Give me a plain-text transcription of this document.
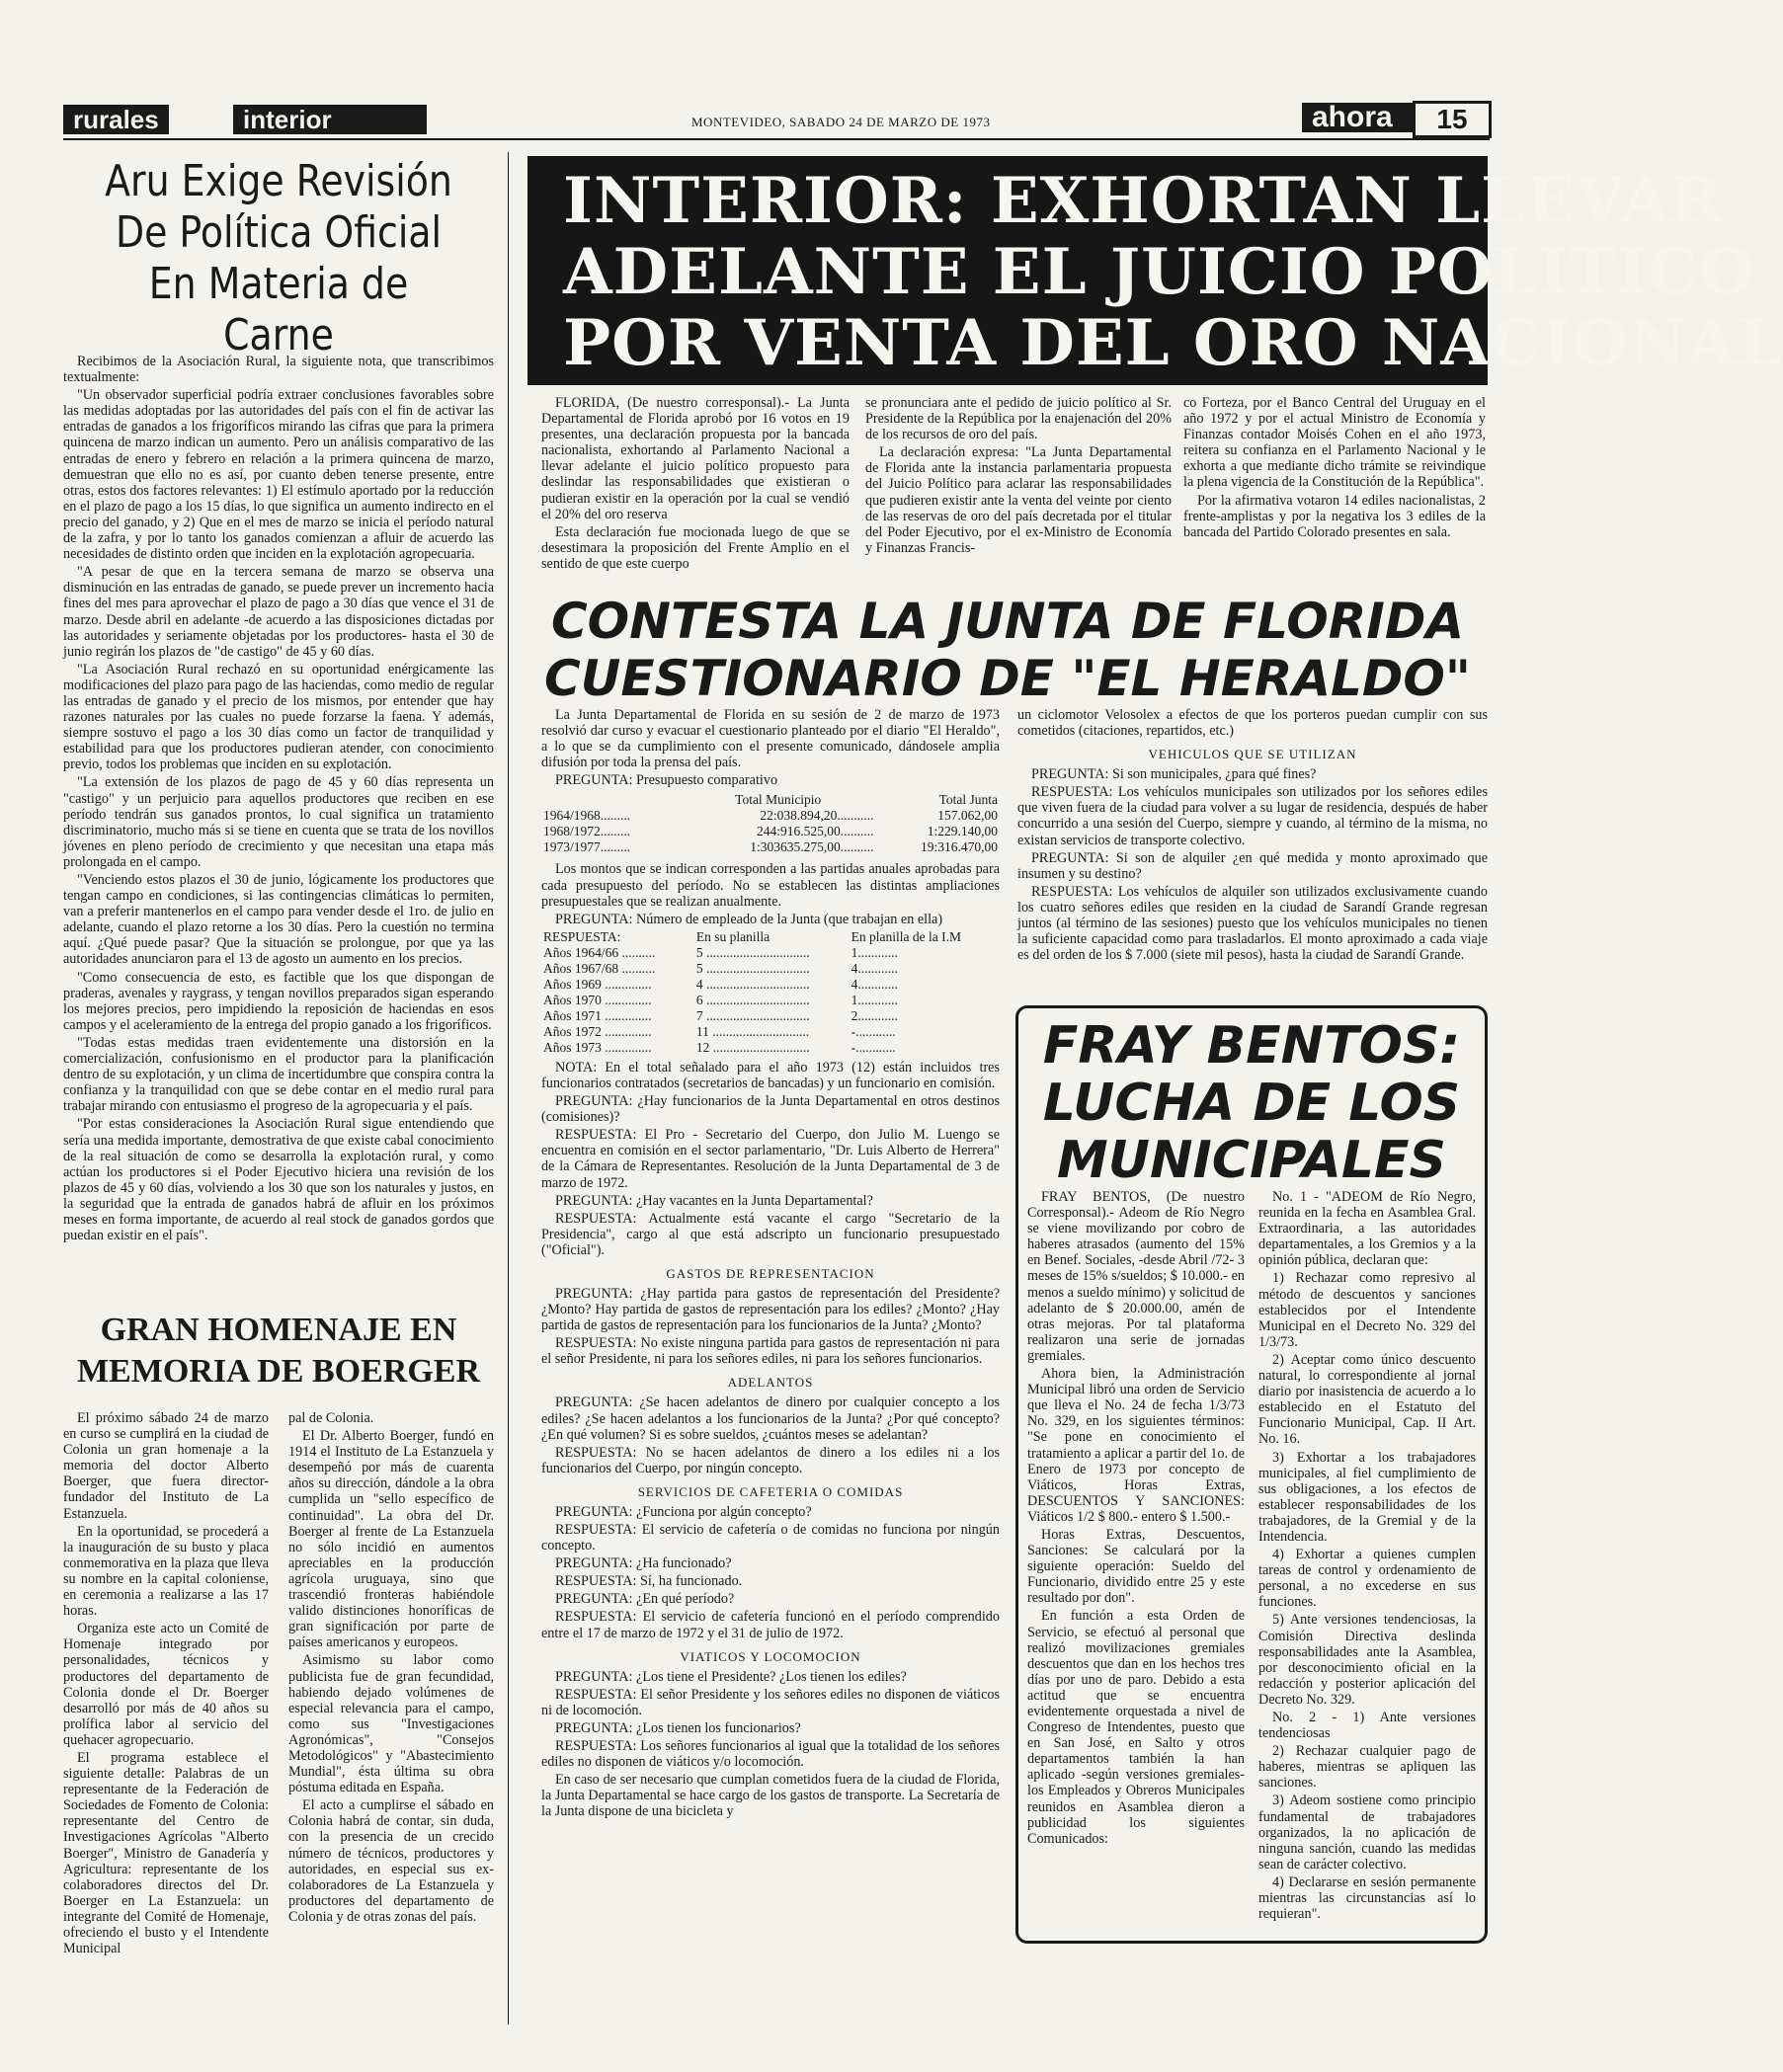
rurales	interior	MONTEVIDEO, SABADO 24 DE MARZO DE 1973	ahora	15
Aru Exige Revisión
De Política Oficial
En Materia de Carne

Recibimos de la Asociación Rural, la siguiente nota, que transcribimos textualmente:

"Un observador superficial podría extraer conclusiones favorables sobre las medidas adoptadas por las autoridades del país con el fin de activar las entradas de ganados a los frigoríficos mirando las cifras que para la primera quincena de marzo indican un aumento. Pero un análisis comparativo de las entradas de enero y febrero en relación a la primera quincena de marzo, demuestran que ello no es así, por cuanto deben tenerse presente, entre otras, estos dos factores relevantes: 1) El estímulo aportado por la reducción en el plazo de pago a los 15 días, lo que significa un aumento indirecto en el precio del ganado, y 2) Que en el mes de marzo se inicia el período natural de la zafra, y por lo tanto los ganados comienzan a afluir de acuerdo las necesidades de distinto orden que inciden en la explotación agropecuaria.

"A pesar de que en la tercera semana de marzo se observa una disminución en las entradas de ganado, se puede prever un incremento hacia fines del mes para aprovechar el plazo de pago a 30 días que vence el 31 de marzo. Desde abril en adelante -de acuerdo a las disposiciones dictadas por las autoridades y seriamente objetadas por los productores- hasta el 30 de junio regirán los plazos de "de castigo" de 45 y 60 días.

"La Asociación Rural rechazó en su oportunidad enérgicamente las modificaciones del plazo para pago de las haciendas, como medio de regular las entradas de ganado y el precio de los mismos, por entender que hay razones naturales por las cuales no puede forzarse la faena. Y además, siempre sostuvo el pago a los 30 días como un factor de tranquilidad y estabilidad para que los productores pudieran atender, con conocimiento previo, todos los problemas que inciden en su explotación.

"La extensión de los plazos de pago de 45 y 60 días representa un "castigo" y un perjuicio para aquellos productores que reciben en ese período tendrán sus ganados prontos, lo cual significa un tratamiento discriminatorio, mucho más si se tiene en cuenta que se trata de los novillos jóvenes en pleno período de crecimiento y que necesitan una etapa más prolongada en el campo.

"Venciendo estos plazos el 30 de junio, lógicamente los productores que tengan campo en condiciones, si las contingencias climáticas lo permiten, van a preferir mantenerlos en el campo para vender desde el 1ro. de julio en adelante, cuando el plazo retorne a los 30 días. Pero la cuestión no termina aquí. ¿Qué puede pasar? Que la situación se prolongue, por que ya las autoridades anunciaron para el 13 de agosto un aumento en los precios.

"Como consecuencia de esto, es factible que los que dispongan de praderas, avenales y raygrass, y tengan novillos preparados sigan esperando los mejores precios, pero impidiendo la reposición de haciendas en esos campos y el aceleramiento de la entrega del propio ganado a los frigoríficos.

"Todas estas medidas traen evidentemente una distorsión en la comercialización, confusionismo en el productor para la planificación dentro de su explotación, y un clima de incertidumbre que conspira contra la confianza y la tranquilidad con que se debe contar en el medio rural para trabajar mirando con entusiasmo el progreso de la agropecuaria y el país.

"Por estas consideraciones la Asociación Rural sigue entendiendo que sería una medida importante, demostrativa de que existe cabal conocimiento de la real situación de como se desarrolla la explotación rural, y como actúan los productores si el Poder Ejecutivo hiciera una revisión de los plazos de 45 y 60 días, volviendo a los 30 que son los naturales y justos, en la seguridad que la entrada de ganados habrá de afluir en los próximos meses en forma importante, de acuerdo al real stock de ganados gordos que puedan existir en el país".

GRAN HOMENAJE EN
MEMORIA DE BOERGER

El próximo sábado 24 de marzo en curso se cumplirá en la ciudad de Colonia un gran homenaje a la memoria del doctor Alberto Boerger, que fuera director-fundador del Instituto de La Estanzuela.

En la oportunidad, se procederá a la inauguración de su busto y placa conmemorativa en la plaza que lleva su nombre en la capital coloniense, en ceremonia a realizarse a las 17 horas.

Organiza este acto un Comité de Homenaje integrado por personalidades, técnicos y productores del departamento de Colonia donde el Dr. Boerger desarrolló por más de 40 años su prolífica labor al servicio del quehacer agropecuario.

El programa establece el siguiente detalle: Palabras de un representante de la Federación de Sociedades de Fomento de Colonia: representante del Centro de Investigaciones Agrícolas "Alberto Boerger", Ministro de Ganadería y Agricultura: representante de los colaboradores directos del Dr. Boerger en La Estanzuela: un integrante del Comité de Homenaje, ofreciendo el busto y el Intendente Municipal

pal de Colonia.

El Dr. Alberto Boerger, fundó en 1914 el Instituto de La Estanzuela y desempeñó por más de cuarenta años su dirección, dándole a la obra cumplida un "sello específico de continuidad". La obra del Dr. Boerger al frente de La Estanzuela no sólo incidió en aumentos apreciables en la producción agrícola uruguaya, sino que trascendió fronteras habiéndole valido distinciones honoríficas de gran significación por parte de países americanos y europeos.

Asimismo su labor como publicista fue de gran fecundidad, habiendo dejado volúmenes de especial relevancia para el campo, como sus "Investigaciones Agronómicas", "Consejos Metodológicos" y "Abastecimiento Mundial", ésta última su obra póstuma editada en España.

El acto a cumplirse el sábado en Colonia habrá de contar, sin duda, con la presencia de un crecido número de técnicos, productores y autoridades, en especial sus ex-colaboradores de La Estanzuela y productores del departamento de Colonia y de otras zonas del país.

INTERIOR: EXHORTAN LLEVAR
ADELANTE EL JUICIO POLITICO
POR VENTA DEL ORO NACIONAL

FLORIDA, (De nuestro corresponsal).- La Junta Departamental de Florida aprobó por 16 votos en 19 presentes, una declaración propuesta por la bancada nacionalista, exhortando al Parlamento Nacional a llevar adelante el juicio político propuesto para deslindar las responsabilidades que existieran o pudieran existir en la operación por la cual se vendió el 20% del oro reserva

Esta declaración fue mocionada luego de que se desestimara la proposición del Frente Amplio en el sentido de que este cuerpo

se pronunciara ante el pedido de juicio político al Sr. Presidente de la República por la enajenación del 20% de los recursos de oro del país.

La declaración expresa: "La Junta Departamental de Florida ante la instancia parlamentaria propuesta del Juicio Político para aclarar las responsabilidades que pudieren existir ante la venta del veinte por ciento de las reservas de oro del país decretada por el titular del Poder Ejecutivo, por el ex-Ministro de Economía y Finanzas Francis-

co Forteza, por el Banco Central del Uruguay en el año 1972 y por el actual Ministro de Economía y Finanzas contador Moisés Cohen en el año 1973, reitera su confianza en el Parlamento Nacional y le exhorta a que mediante dicho trámite se reivindique la plena vigencia de la Constitución de la República".

Por la afirmativa votaron 14 ediles nacionalistas, 2 frente-amplistas y por la negativa los 3 ediles de la bancada del Partido Colorado presentes en sala.

CONTESTA LA JUNTA DE FLORIDA
CUESTIONARIO DE "EL HERALDO"

La Junta Departamental de Florida en su sesión de 2 de marzo de 1973 resolvió dar curso y evacuar el cuestionario planteado por el diario "El Heraldo", a lo que se da cumplimiento con el presente comunicado, dándosele amplia difusión por toda la prensa del país.

PREGUNTA: Presupuesto comparativo

	Total Municipio	Total Junta
1964/1968.........	22:038.894,20...........	157.062,00
1968/1972.........	244:916.525,00..........	1:229.140,00
1973/1977.........	1:303635.275,00..........	19:316.470,00

Los montos que se indican corresponden a las partidas anuales aprobadas para cada presupuesto del período. No se establecen las distintas ampliaciones presupuestales que se realizan anualmente.

PREGUNTA: Número de empleado de la Junta (que trabajan en ella)

RESPUESTA:	En su planilla	En planilla de la I.M
Años 1964/66 ..........	5 ...............................	1............
Años 1967/68 ..........	5 ...............................	4............
Años 1969 ..............	4 ...............................	4............
Años 1970 ..............	6 ...............................	1............
Años 1971 ..............	7 ...............................	2............
Años 1972 ..............	11 .............................	-............
Años 1973 ..............	12 .............................	-............

NOTA: En el total señalado para el año 1973 (12) están incluidos tres funcionarios contratados (secretarios de bancadas) y un funcionario en comisión.

PREGUNTA: ¿Hay funcionarios de la Junta Departamental en otros destinos (comisiones)?

RESPUESTA: El Pro - Secretario del Cuerpo, don Julio M. Luengo se encuentra en comisión en el sector parlamentario, "Dr. Luis Alberto de Herrera" de la Cámara de Representantes. Resolución de la Junta Departamental de 3 de marzo de 1972.

PREGUNTA: ¿Hay vacantes en la Junta Departamental?

RESPUESTA: Actualmente está vacante el cargo "Secretario de la Presidencia", cargo al que está adscripto un funcionario presupuestado ("Oficial").

GASTOS DE REPRESENTACION

PREGUNTA: ¿Hay partida para gastos de representación del Presidente? ¿Monto? Hay partida de gastos de representación para los ediles? ¿Monto? ¿Hay partida de gastos de representación para los funcionarios de la Junta? ¿Monto?

RESPUESTA: No existe ninguna partida para gastos de representación ni para el señor Presidente, ni para los señores ediles, ni para los señores funcionarios.

ADELANTOS

PREGUNTA: ¿Se hacen adelantos de dinero por cualquier concepto a los ediles? ¿Se hacen adelantos a los funcionarios de la Junta? ¿Por qué concepto? ¿En qué volumen? Si es sobre sueldos, ¿cuántos meses se adelantan?

RESPUESTA: No se hacen adelantos de dinero a los ediles ni a los funcionarios del Cuerpo, por ningún concepto.

SERVICIOS DE CAFETERIA O COMIDAS

PREGUNTA: ¿Funciona por algún concepto?

RESPUESTA: El servicio de cafetería o de comidas no funciona por ningún concepto.

PREGUNTA: ¿Ha funcionado?

RESPUESTA: Sí, ha funcionado.

PREGUNTA: ¿En qué período?

RESPUESTA: El servicio de cafetería funcionó en el período comprendido entre el 17 de marzo de 1972 y el 31 de julio de 1972.

VIATICOS Y LOCOMOCION

PREGUNTA: ¿Los tiene el Presidente? ¿Los tienen los ediles?

RESPUESTA: El señor Presidente y los señores ediles no disponen de viáticos ni de locomoción.

PREGUNTA: ¿Los tienen los funcionarios?

RESPUESTA: Los señores funcionarios al igual que la totalidad de los señores ediles no disponen de viáticos y/o locomoción.

En caso de ser necesario que cumplan cometidos fuera de la ciudad de Florida, la Junta Departamental se hace cargo de los gastos de transporte. La Secretaría de la Junta dispone de una bicicleta y

un ciclomotor Velosolex a efectos de que los porteros puedan cumplir con sus cometidos (citaciones, repartidos, etc.)

VEHICULOS QUE SE UTILIZAN

PREGUNTA: Si son municipales, ¿para qué fines?

RESPUESTA: Los vehículos municipales son utilizados por los señores ediles que viven fuera de la ciudad para volver a su lugar de residencia, después de haber concurrido a una sesión del Cuerpo, siempre y cuando, al término de la misma, no existan servicios de transporte colectivo.

PREGUNTA: Si son de alquiler ¿en qué medida y monto aproximado que insumen y su destino?

RESPUESTA: Los vehículos de alquiler son utilizados exclusivamente cuando los cuatro señores ediles que residen en la ciudad de Sarandí Grande regresan juntos (al término de las sesiones) puesto que los vehículos municipales no tienen la suficiente capacidad como para trasladarlos. El monto aproximado a cada viaje es del orden de los $ 7.000 (siete mil pesos), hasta la ciudad de Sarandí Grande.

FRAY BENTOS:
LUCHA DE LOS
MUNICIPALES

FRAY BENTOS, (De nuestro Corresponsal).- Adeom de Río Negro se viene movilizando por cobro de haberes atrasados (aumento del 15% en Benef. Sociales, -desde Abril /72- 3 meses de 15% s/sueldos; $ 10.000.- en menos a sueldo mínimo) y solicitud de adelanto de $ 20.000.00, amén de otras mejoras. Por tal plataforma realizaron una serie de jornadas gremiales.

Ahora bien, la Administración Municipal libró una orden de Servicio que lleva el No. 24 de fecha 1/3/73 No. 329, en los siguientes términos: "Se pone en conocimiento el tratamiento a aplicar a partir del 1o. de Enero de 1973 por concepto de Viáticos, Horas Extras, DESCUENTOS Y SANCIONES: Viáticos 1/2 $ 800.- entero $ 1.500.-

Horas Extras, Descuentos, Sanciones: Se calculará por la siguiente operación: Sueldo del Funcionario, dividido entre 25 y este resultado por don".

En función a esta Orden de Servicio, se efectuó al personal que realizó movilizaciones gremiales descuentos que dan en los hechos tres días por uno de paro. Debido a esta actitud que se encuentra evidentemente orquestada a nivel de Congreso de Intendentes, puesto que en San José, en Salto y otros departamentos también la han aplicado -según versiones gremiales- los Empleados y Obreros Municipales reunidos en Asamblea dieron a publicidad los siguientes Comunicados:

No. 1 - "ADEOM de Río Negro, reunida en la fecha en Asamblea Gral. Extraordinaria, a las autoridades departamentales, a los Gremios y a la opinión pública, declaran que:

1) Rechazar como represivo al método de descuentos y sanciones establecidos por el Intendente Municipal en el Decreto No. 329 del 1/3/73.

2) Aceptar como único descuento natural, lo correspondiente al jornal diario por inasistencia de acuerdo a lo establecido en el Estatuto del Funcionario Municipal, Cap. II Art. No. 16.

3) Exhortar a los trabajadores municipales, al fiel cumplimiento de sus obligaciones, a los efectos de establecer responsabilidades de los trabajadores, de la Gremial y de la Intendencia.

4) Exhortar a quienes cumplen tareas de control y ordenamiento de personal, a no excederse en sus funciones.

5) Ante versiones tendenciosas, la Comisión Directiva deslinda responsabilidades ante la Asamblea, por desconocimiento oficial en la redacción y posterior aplicación del Decreto No. 329.

No. 2 - 1) Ante versiones tendenciosas

2) Rechazar cualquier pago de haberes, mientras se apliquen las sanciones.

3) Adeom sostiene como principio fundamental de trabajadores organizados, la no aplicación de ninguna sanción, cuando las medidas sean de carácter colectivo.

4) Declararse en sesión permanente mientras las circunstancias así lo requieran".
